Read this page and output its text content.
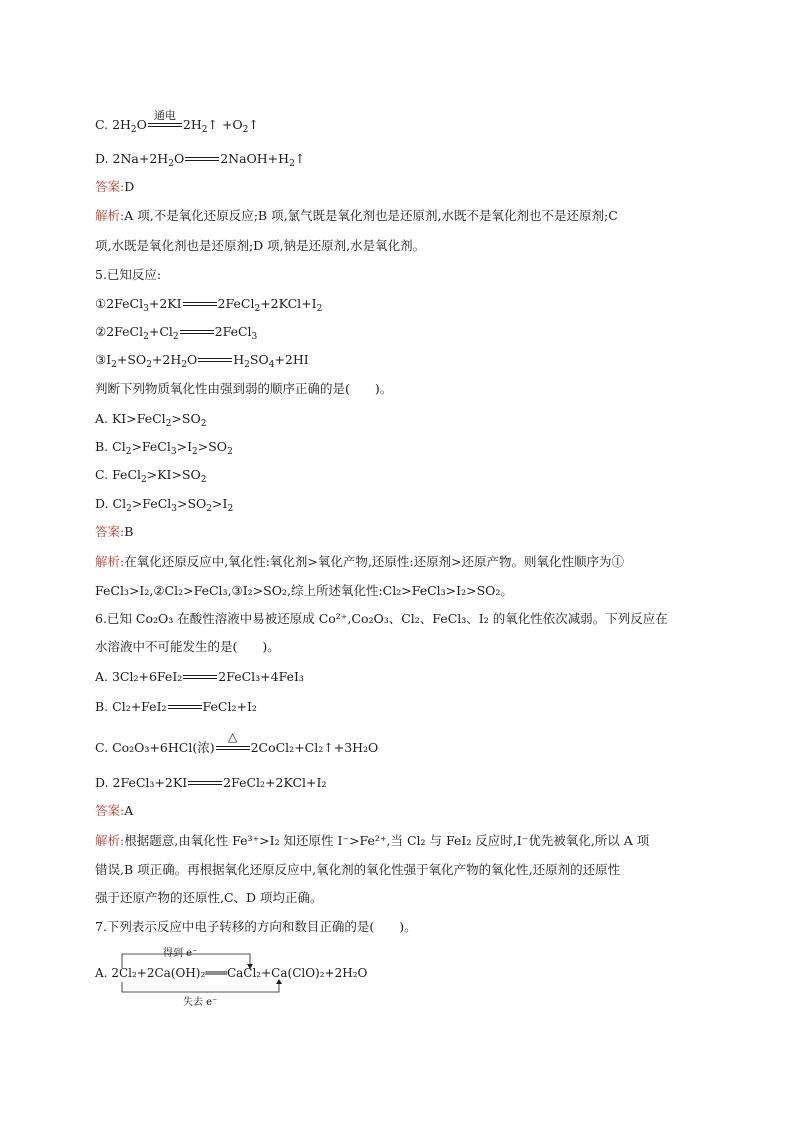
C. $2H_2O$
通电
$2H_2↑$ $+O_2↑$
D. $2Na+2H_2O$	$2NaOH+H_2↑$
答案:D
解析:A 项,不是氧化还原反应;B 项,氯气既是氧化剂也是还原剂,水既不是氧化剂也不是还原剂;C
项,水既是氧化剂也是还原剂;D 项,钠是还原剂,水是氧化剂。
5.已知反应:
①2FeCl$_3$+2KI	$2FeCl_2+2KCl+I_2$
$②2FeCl_2+Cl_2$	2FeCl$_3$
$③I_2+SO_2+2H_2O$	$H_2SO_4+2HI$
判断下列物质氧化性由强到弱的顺序正确的是(　　)。
A. $KI>FeCl_2>SO_2$
B. $Cl_2>FeCl_3>I_2>SO_2$
C. $FeCl_2>KI>SO_2$
D. $Cl_2>FeCl_3>SO_2>I_2$
答案:B
解析:在氧化还原反应中,氧化性:氧化剂>氧化产物,还原性:还原剂>还原产物。则氧化性顺序为①
FeCl₃>I₂,②Cl₂>FeCl₃,③I₂>SO₂,综上所述氧化性:Cl₂>FeCl₃>I₂>SO₂。
6.已知 Co₂O₃ 在酸性溶液中易被还原成 Co²⁺,Co₂O₃、Cl₂、FeCl₃、I₂ 的氧化性依次减弱。下列反应在
水溶液中不可能发生的是(　　)。
A. 3Cl₂+6FeI₂	2FeCl₃+4FeI₃
B. Cl₂+FeI₂	FeCl₂+I₂
C. Co₂O₃+6HCl(浓)
△
2CoCl₂+Cl₂↑+3H₂O
D. 2FeCl₃+2KI	2FeCl₂+2KCl+I₂
答案:A
解析:根据题意,由氧化性 Fe³⁺>I₂ 知还原性 I⁻>Fe²⁺,当 Cl₂ 与 FeI₂ 反应时,I⁻优先被氧化,所以 A 项
错误,B 项正确。再根据氧化还原反应中,氧化剂的氧化性强于氧化产物的氧化性,还原剂的还原性
强于还原产物的还原性,C、D 项均正确。
7.下列表示反应中电子转移的方向和数目正确的是(　　)。
得到 e⁻
A. 2Cl₂+2Ca(OH)₂═══CaCl₂+Ca(ClO)₂+2H₂O
失去 e⁻
